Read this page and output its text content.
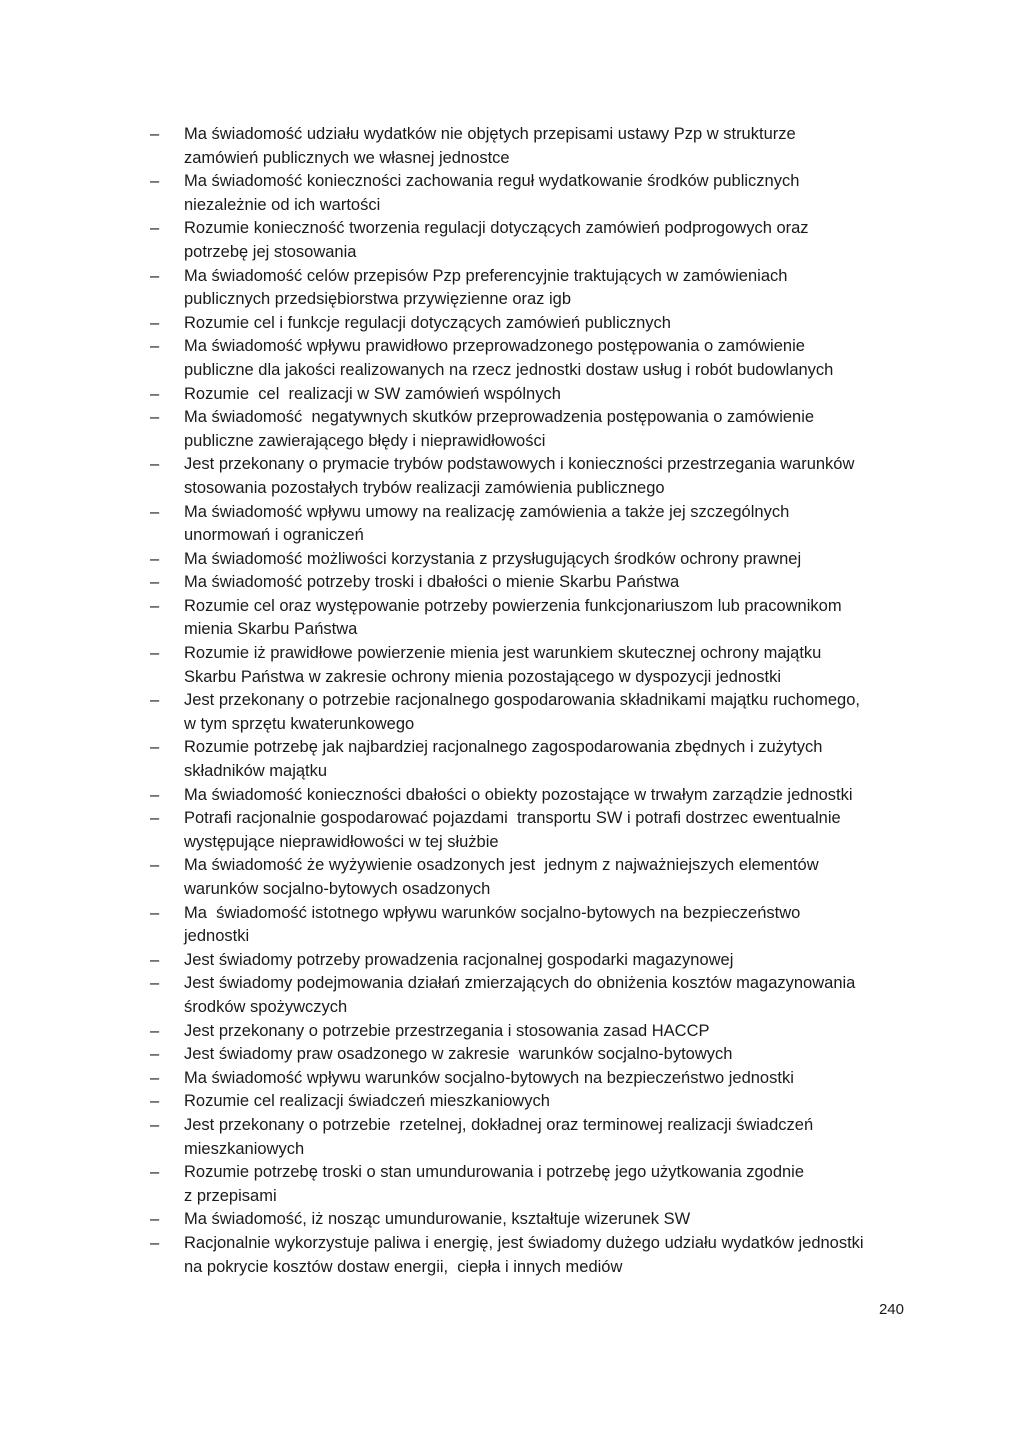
–	Ma świadomość udziału wydatków nie objętych przepisami ustawy Pzp w strukturze
zamówień publicznych we własnej jednostce
–	Ma świadomość konieczności zachowania reguł wydatkowanie środków publicznych
niezależnie od ich wartości
–	Rozumie konieczność tworzenia regulacji dotyczących zamówień podprogowych oraz
potrzebę jej stosowania
–	Ma świadomość celów przepisów Pzp preferencyjnie traktujących w zamówieniach
publicznych przedsiębiorstwa przywięzienne oraz igb
–	Rozumie cel i funkcje regulacji dotyczących zamówień publicznych
–	Ma świadomość wpływu prawidłowo przeprowadzonego postępowania o zamówienie
publiczne dla jakości realizowanych na rzecz jednostki dostaw usług i robót budowlanych
–	Rozumie  cel  realizacji w SW zamówień wspólnych
–	Ma świadomość  negatywnych skutków przeprowadzenia postępowania o zamówienie
publiczne zawierającego błędy i nieprawidłowości
–	Jest przekonany o prymacie trybów podstawowych i konieczności przestrzegania warunków
stosowania pozostałych trybów realizacji zamówienia publicznego
–	Ma świadomość wpływu umowy na realizację zamówienia a także jej szczególnych
unormowań i ograniczeń
–	Ma świadomość możliwości korzystania z przysługujących środków ochrony prawnej
–	Ma świadomość potrzeby troski i dbałości o mienie Skarbu Państwa
–	Rozumie cel oraz występowanie potrzeby powierzenia funkcjonariuszom lub pracownikom
mienia Skarbu Państwa
–	Rozumie iż prawidłowe powierzenie mienia jest warunkiem skutecznej ochrony majątku
Skarbu Państwa w zakresie ochrony mienia pozostającego w dyspozycji jednostki
–	Jest przekonany o potrzebie racjonalnego gospodarowania składnikami majątku ruchomego,
w tym sprzętu kwaterunkowego
–	Rozumie potrzebę jak najbardziej racjonalnego zagospodarowania zbędnych i zużytych
składników majątku
–	Ma świadomość konieczności dbałości o obiekty pozostające w trwałym zarządzie jednostki
–	Potrafi racjonalnie gospodarować pojazdami  transportu SW i potrafi dostrzec ewentualnie
występujące nieprawidłowości w tej służbie
–	Ma świadomość że wyżywienie osadzonych jest  jednym z najważniejszych elementów
warunków socjalno-bytowych osadzonych
–	Ma  świadomość istotnego wpływu warunków socjalno-bytowych na bezpieczeństwo
jednostki
–	Jest świadomy potrzeby prowadzenia racjonalnej gospodarki magazynowej
–	Jest świadomy podejmowania działań zmierzających do obniżenia kosztów magazynowania
środków spożywczych
–	Jest przekonany o potrzebie przestrzegania i stosowania zasad HACCP
–	Jest świadomy praw osadzonego w zakresie  warunków socjalno-bytowych
–	Ma świadomość wpływu warunków socjalno-bytowych na bezpieczeństwo jednostki
–	Rozumie cel realizacji świadczeń mieszkaniowych
–	Jest przekonany o potrzebie  rzetelnej, dokładnej oraz terminowej realizacji świadczeń
mieszkaniowych
–	Rozumie potrzebę troski o stan umundurowania i potrzebę jego użytkowania zgodnie
z przepisami
–	Ma świadomość, iż nosząc umundurowanie, kształtuje wizerunek SW
–	Racjonalnie wykorzystuje paliwa i energię, jest świadomy dużego udziału wydatków jednostki
na pokrycie kosztów dostaw energii,  ciepła i innych mediów
240
